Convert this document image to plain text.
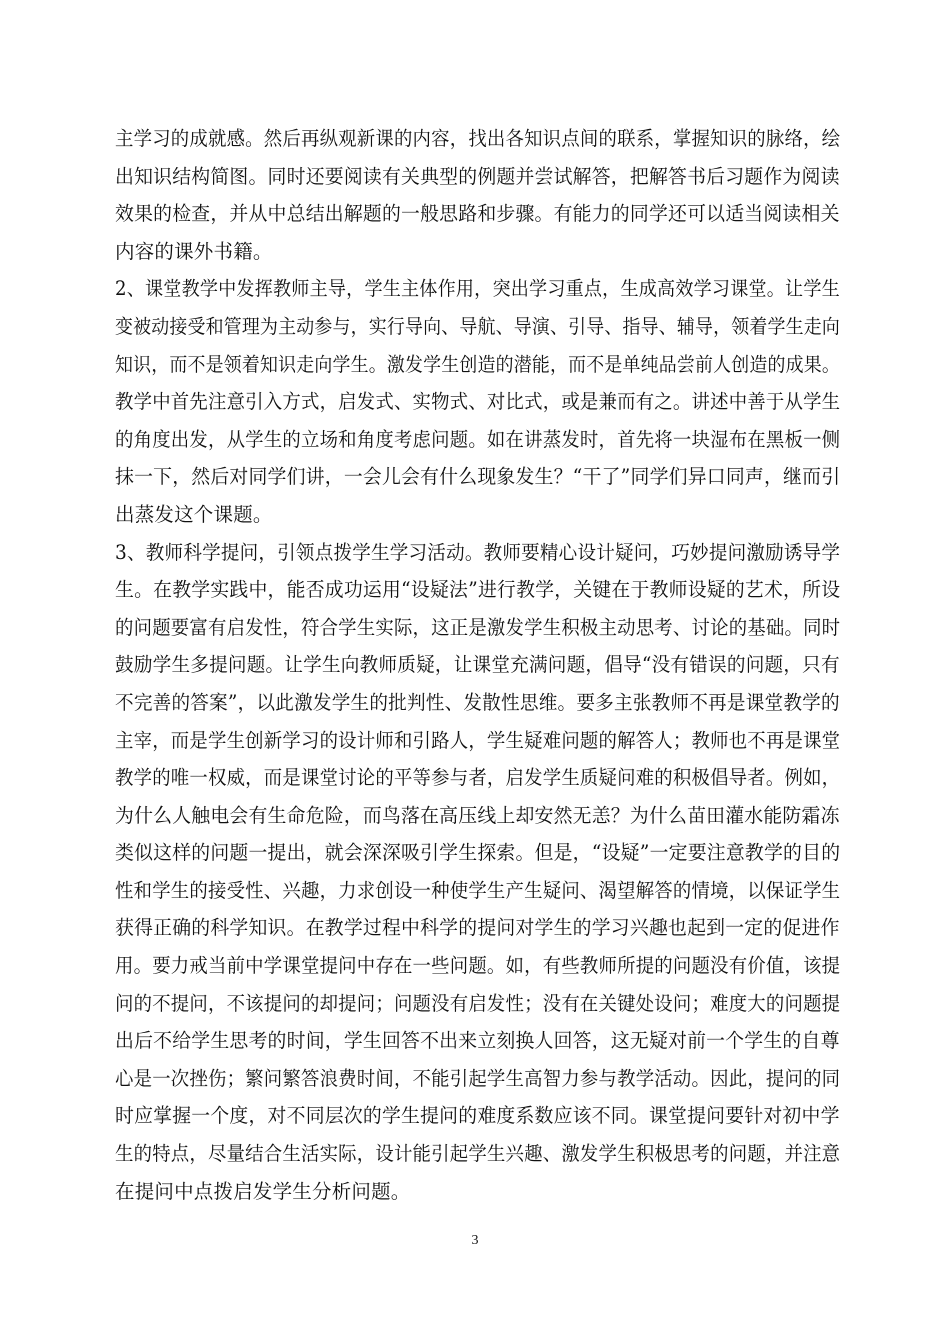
主学习的成就感。然后再纵观新课的内容，找出各知识点间的联系，掌握知识的脉络，绘
出知识结构简图。同时还要阅读有关典型的例题并尝试解答，把解答书后习题作为阅读
效果的检查，并从中总结出解题的一般思路和步骤。有能力的同学还可以适当阅读相关
内容的课外书籍。
2、课堂教学中发挥教师主导，学生主体作用，突出学习重点，生成高效学习课堂。让学生
变被动接受和管理为主动参与，实行导向、导航、导演、引导、指导、辅导，领着学生走向
知识，而不是领着知识走向学生。激发学生创造的潜能，而不是单纯品尝前人创造的成果。
教学中首先注意引入方式，启发式、实物式、对比式，或是兼而有之。讲述中善于从学生
的角度出发，从学生的立场和角度考虑问题。如在讲蒸发时，首先将一块湿布在黑板一侧
抹一下，然后对同学们讲，一会儿会有什么现象发生？“干了”同学们异口同声，继而引
出蒸发这个课题。
3、教师科学提问，引领点拨学生学习活动。教师要精心设计疑问，巧妙提问激励诱导学
生。在教学实践中，能否成功运用“设疑法”进行教学，关键在于教师设疑的艺术，所设
的问题要富有启发性，符合学生实际，这正是激发学生积极主动思考、讨论的基础。同时
鼓励学生多提问题。让学生向教师质疑，让课堂充满问题，倡导“没有错误的问题，只有
不完善的答案”，以此激发学生的批判性、发散性思维。要多主张教师不再是课堂教学的
主宰，而是学生创新学习的设计师和引路人，学生疑难问题的解答人；教师也不再是课堂
教学的唯一权威，而是课堂讨论的平等参与者，启发学生质疑问难的积极倡导者。例如，
为什么人触电会有生命危险，而鸟落在高压线上却安然无恙？为什么苗田灌水能防霜冻
类似这样的问题一提出，就会深深吸引学生探索。但是，“设疑”一定要注意教学的目的
性和学生的接受性、兴趣，力求创设一种使学生产生疑问、渴望解答的情境，以保证学生
获得正确的科学知识。在教学过程中科学的提问对学生的学习兴趣也起到一定的促进作
用。要力戒当前中学课堂提问中存在一些问题。如，有些教师所提的问题没有价值，该提
问的不提问，不该提问的却提问；问题没有启发性；没有在关键处设问；难度大的问题提
出后不给学生思考的时间，学生回答不出来立刻换人回答，这无疑对前一个学生的自尊
心是一次挫伤；繁问繁答浪费时间，不能引起学生高智力参与教学活动。因此，提问的同
时应掌握一个度，对不同层次的学生提问的难度系数应该不同。课堂提问要针对初中学
生的特点，尽量结合生活实际，设计能引起学生兴趣、激发学生积极思考的问题，并注意
在提问中点拨启发学生分析问题。
3
